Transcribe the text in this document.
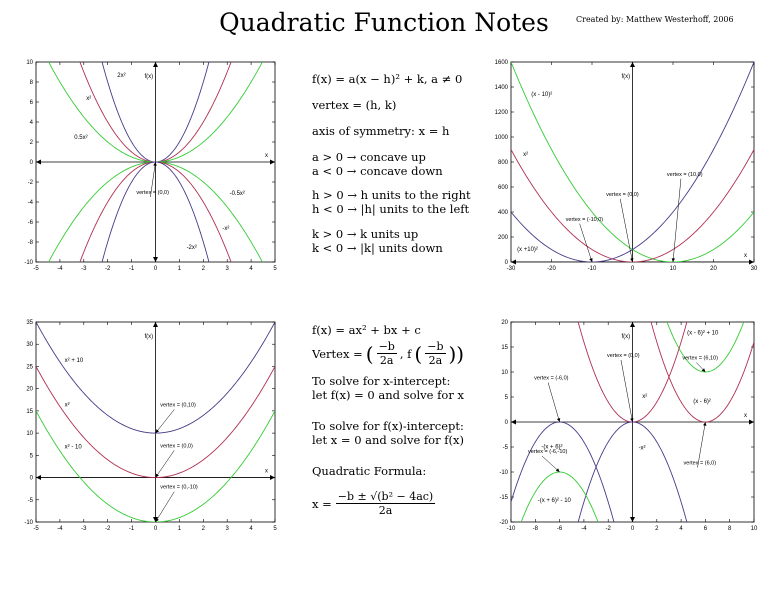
Quadratic Function Notes	Created by: Matthew Westerhoff, 2006
f(x) = a(x − h)² + k, a ≠ 0
vertex = (h, k)
axis of symmetry: x = h
a > 0 → concave up
a < 0 → concave down
h > 0 → h units to the right
h < 0 → |h| units to the left
k > 0 → k units up
k < 0 → |k| units down
f(x) = ax² + bx + c
Vertex = ( $\frac{-b}{2a}$ , f ( $\frac{-b}{2a}$ ))
To solve for x-intercept:
let f(x) = 0 and solve for x
To solve for f(x)-intercept:
let x = 0 and solve for f(x)
Quadratic Formula:
$x = \frac{\text{−b ± √(b² − 4ac)}}{2a}$
-5	-4	-3	-2	-1	0	1	2	3	4	5
-10
-8
-6
-4
-2
0
2
4
6
8
10
x
f(x)
2x²
x²
0.5x²
-0.5x²
-x²
-2x²
vertex = (0,0)
-30	-20	-10	0	10	20	30
0
200
400
600
800
1000
1200
1400
1600
x
f(x)
(x - 10)²
x²
(x +10)²
vertex = (10,0)
vertex = (0,0)
vertex = (-10,0)
-5	-4	-3	-2	-1	0	1	2	3	4	5
-10
-5
0
5
10
15
20
25
30
35
x
f(x)
x² + 10
x²
x² - 10
vertex = (0,10)
vertex = (0,0)
vertex = (0,-10)
-10	-8	-6	-4	-2	0	2	4	6	8	10
-20
-15
-10
-5
0
5
10
15
20
x
f(x)
(x - 6)² + 10
(x - 6)²
x²
-x²
-(x + 6)²
-(x + 6)² - 10
vertex = (6,10)
vertex = (0,0)
vertex = (-6,0)
vertex = (-6,-10)
vertex = (6,0)
